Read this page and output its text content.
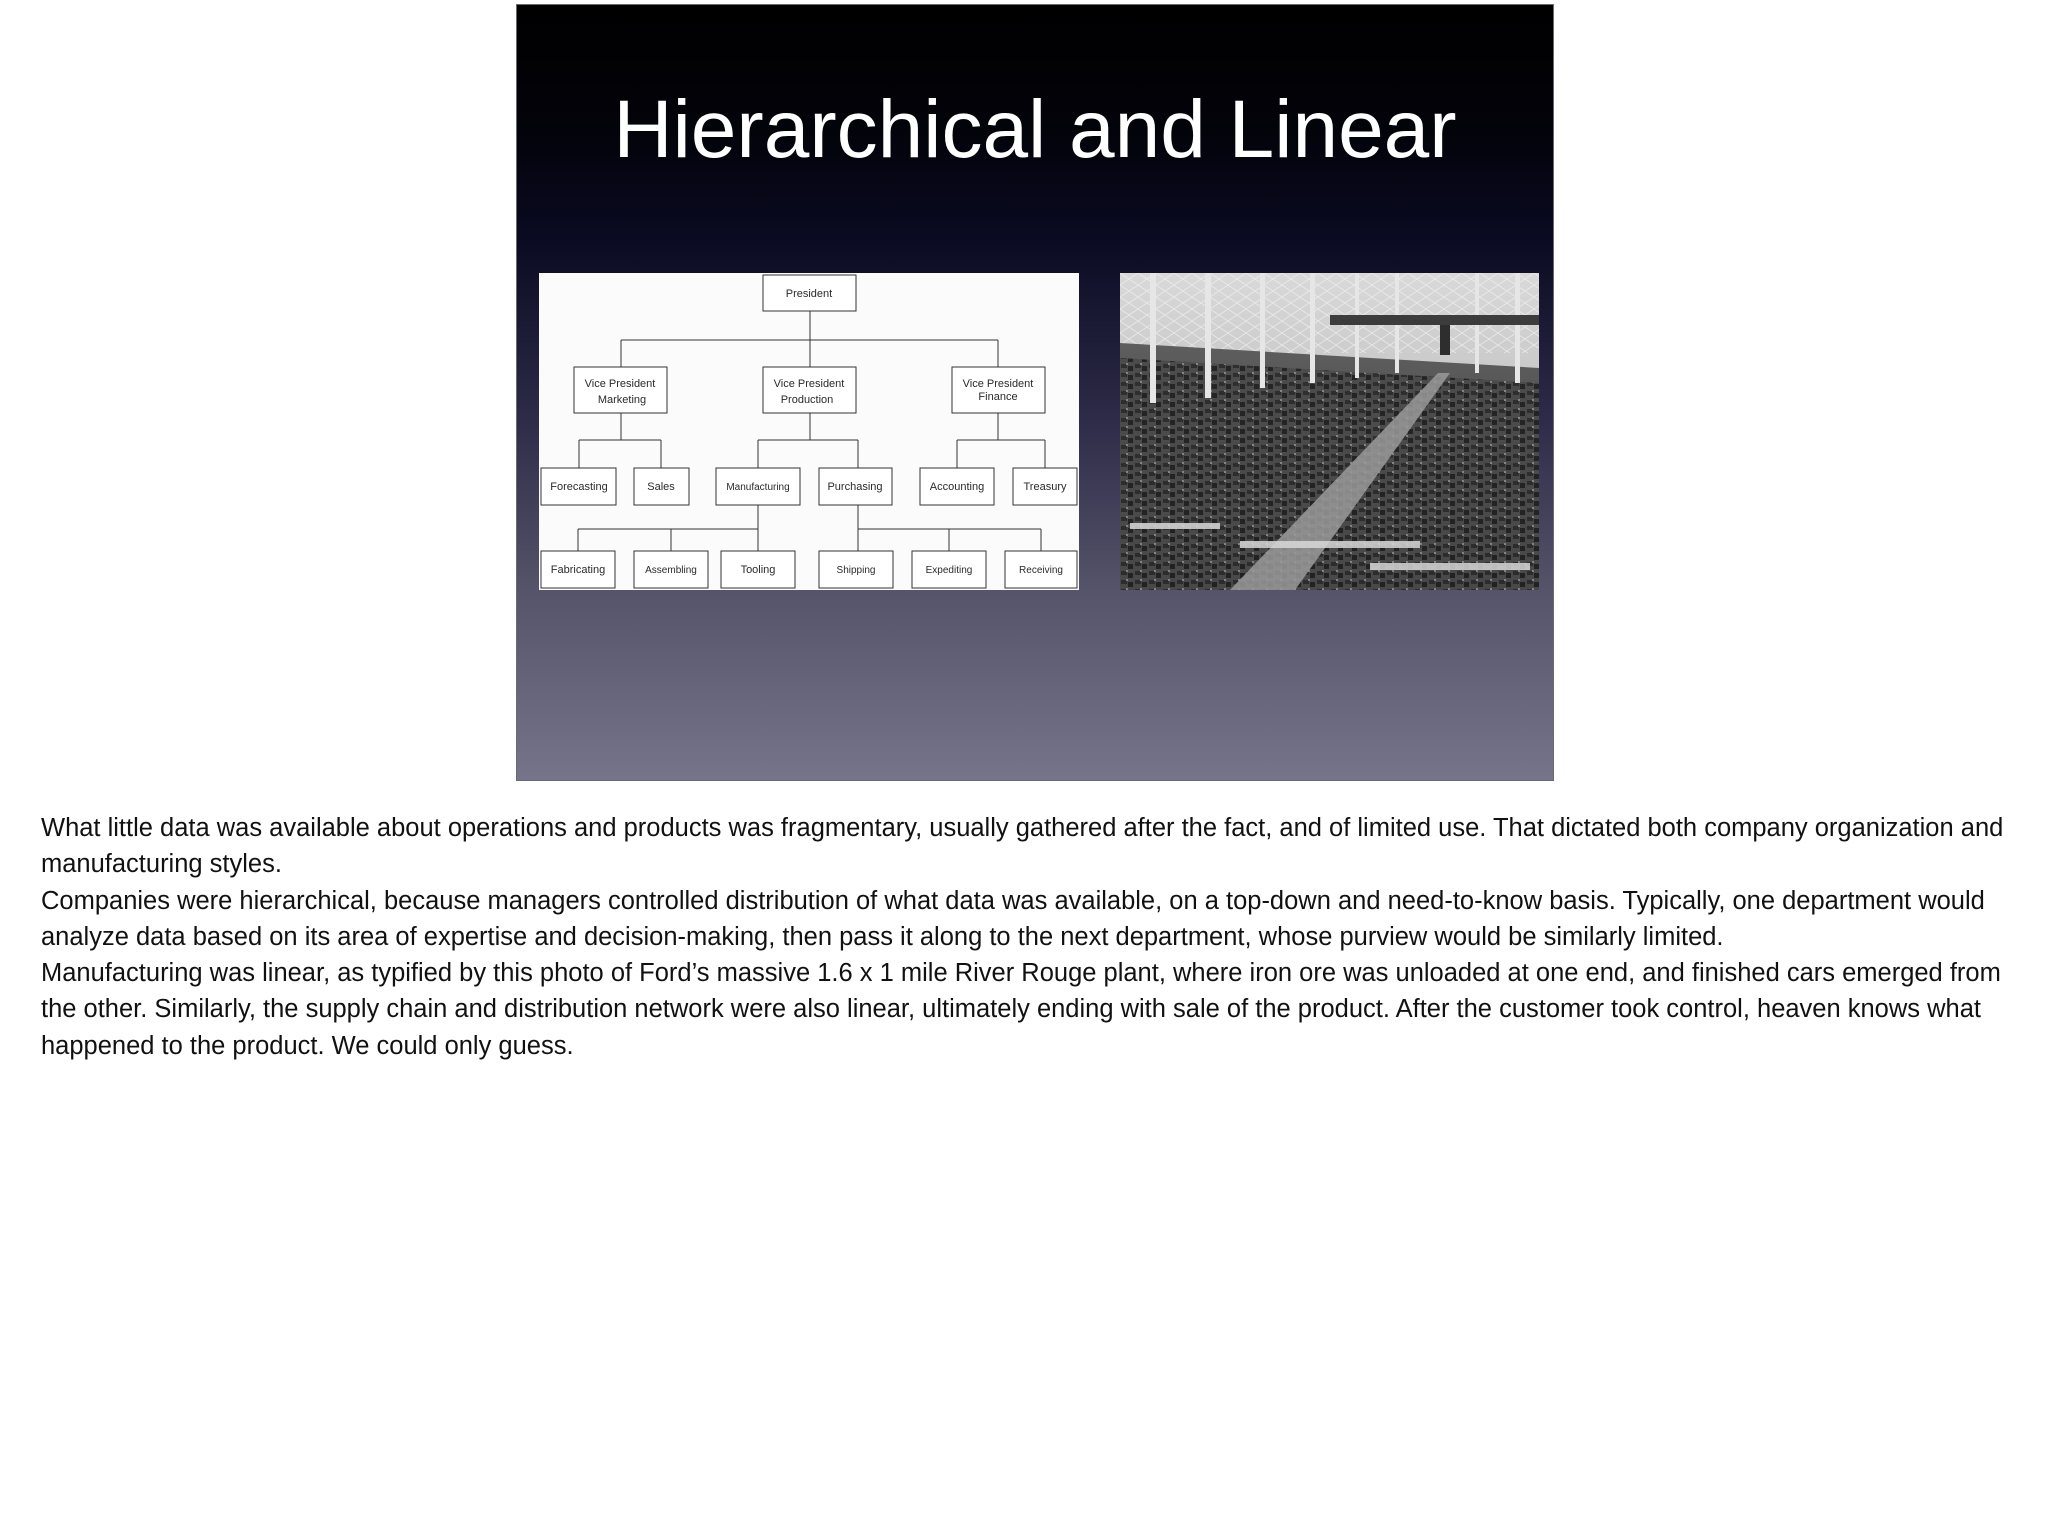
Hierarchical and Linear
President
Vice President
Marketing
Vice President
Production
Vice President
Finance
Forecasting	Sales	Manufacturing	Purchasing	Accounting	Treasury
Fabricating	Assembling	Tooling	Shipping	Expediting	Receiving

What little data was available about operations and products was fragmentary, usually gathered after the fact, and of limited use. That dictated both company organization and manufacturing styles.

Companies were hierarchical, because managers controlled distribution of what data was available, on a top-down and need-to-know basis. Typically, one department would analyze data based on its area of expertise and decision-making, then pass it along to the next department, whose purview would be similarly limited.

Manufacturing was linear, as typified by this photo of Ford’s massive 1.6 x 1 mile River Rouge plant, where iron ore was unloaded at one end, and finished cars emerged from the other. Similarly, the supply chain and distribution network were also linear, ultimately ending with sale of the product. After the customer took control, heaven knows what happened to the product. We could only guess.
